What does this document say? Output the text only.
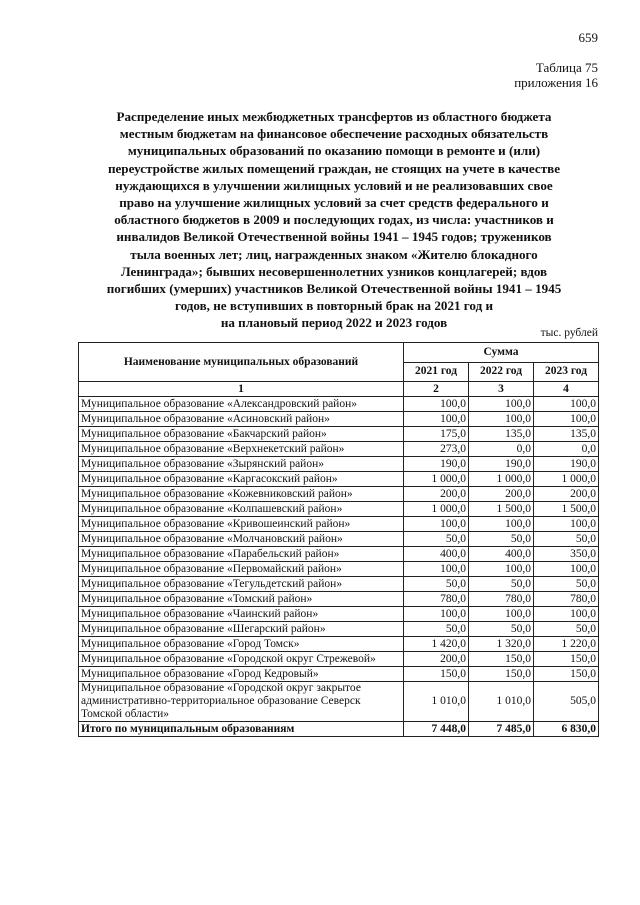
659
Таблица 75
приложения 16
Распределение иных межбюджетных трансфертов из областного бюджета
местным бюджетам на финансовое обеспечение расходных обязательств
муниципальных образований по оказанию помощи в ремонте и (или)
переустройстве жилых помещений граждан, не стоящих на учете в качестве
нуждающихся в улучшении жилищных условий и не реализовавших свое
право на улучшение жилищных условий за счет средств федерального и
областного бюджетов в 2009 и последующих годах, из числа: участников и
инвалидов Великой Отечественной войны 1941 – 1945 годов; тружеников
тыла военных лет; лиц, награжденных знаком «Жителю блокадного
Ленинграда»; бывших несовершеннолетних узников концлагерей; вдов
погибших (умерших) участников Великой Отечественной войны 1941 – 1945
годов, не вступивших в повторный брак на 2021 год и
на плановый период 2022 и 2023 годов
тыс. рублей
Наименование муниципальных образований	Сумма		
	2021 год	2022 год	2023 год
1	2	3	4
Муниципальное образование «Александровский район»	100,0	100,0	100,0
Муниципальное образование «Асиновский район»	100,0	100,0	100,0
Муниципальное образование «Бакчарский район»	175,0	135,0	135,0
Муниципальное образование «Верхнекетский район»	273,0	0,0	0,0
Муниципальное образование «Зырянский район»	190,0	190,0	190,0
Муниципальное образование «Каргасокский район»	1 000,0	1 000,0	1 000,0
Муниципальное образование «Кожевниковский район»	200,0	200,0	200,0
Муниципальное образование «Колпашевский район»	1 000,0	1 500,0	1 500,0
Муниципальное образование «Кривошеинский район»	100,0	100,0	100,0
Муниципальное образование «Молчановский район»	50,0	50,0	50,0
Муниципальное образование «Парабельский район»	400,0	400,0	350,0
Муниципальное образование «Первомайский район»	100,0	100,0	100,0
Муниципальное образование «Тегульдетский район»	50,0	50,0	50,0
Муниципальное образование «Томский район»	780,0	780,0	780,0
Муниципальное образование «Чаинский район»	100,0	100,0	100,0
Муниципальное образование «Шегарский район»	50,0	50,0	50,0
Муниципальное образование «Город Томск»	1 420,0	1 320,0	1 220,0
Муниципальное образование «Городской округ Стрежевой»	200,0	150,0	150,0
Муниципальное образование «Город Кедровый»	150,0	150,0	150,0
Муниципальное образование «Городской округ закрытое административно-территориальное образование Северск Томской области»	1 010,0	1 010,0	505,0
Итого по муниципальным образованиям	7 448,0	7 485,0	6 830,0
